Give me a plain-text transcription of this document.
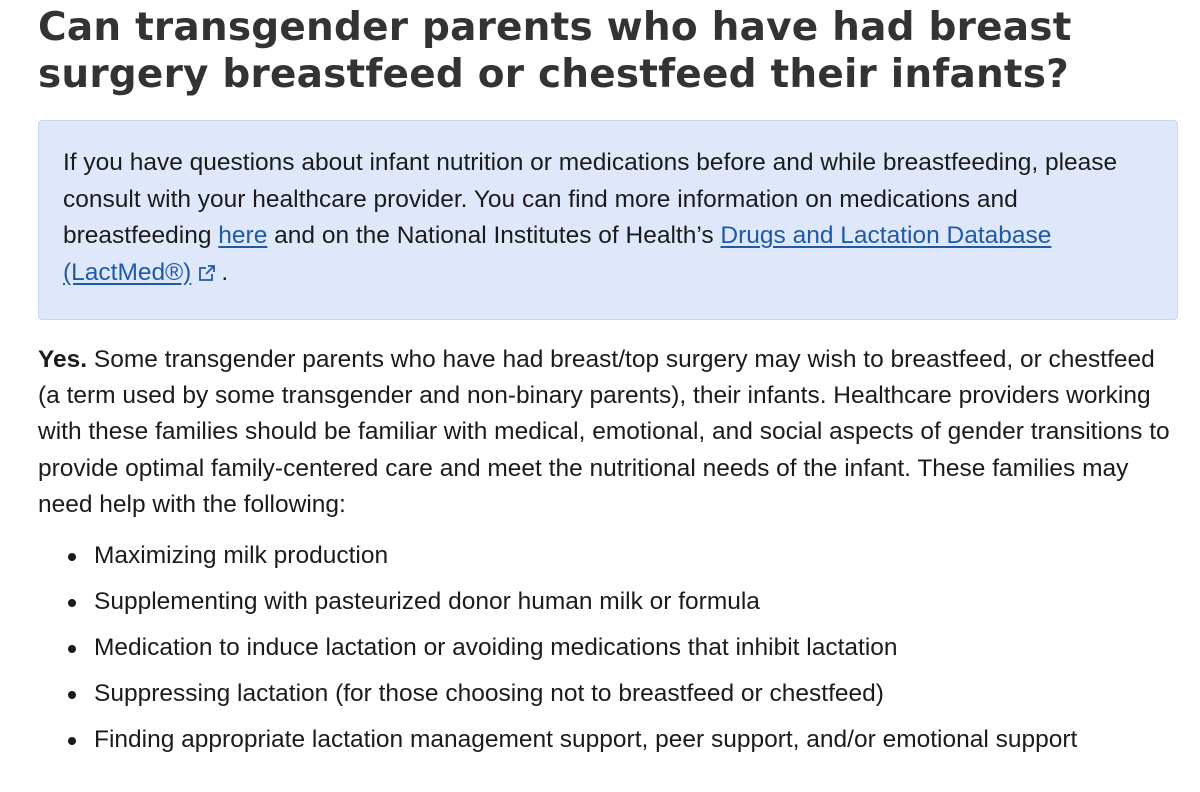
Can transgender parents who have had breast surgery breastfeed or chestfeed their infants?
If you have questions about infant nutrition or medications before and while breastfeeding, please consult with your healthcare provider. You can find more information on medications and breastfeeding here and on the National Institutes of Health’s Drugs and Lactation Database (LactMed®) .

Yes. Some transgender parents who have had breast/top surgery may wish to breastfeed, or chestfeed (a term used by some transgender and non-binary parents), their infants. Healthcare providers working with these families should be familiar with medical, emotional, and social aspects of gender transitions to provide optimal family-centered care and meet the nutritional needs of the infant. These families may need help with the following:

Maximizing milk production
Supplementing with pasteurized donor human milk or formula
Medication to induce lactation or avoiding medications that inhibit lactation
Suppressing lactation (for those choosing not to breastfeed or chestfeed)
Finding appropriate lactation management support, peer support, and/or emotional support
